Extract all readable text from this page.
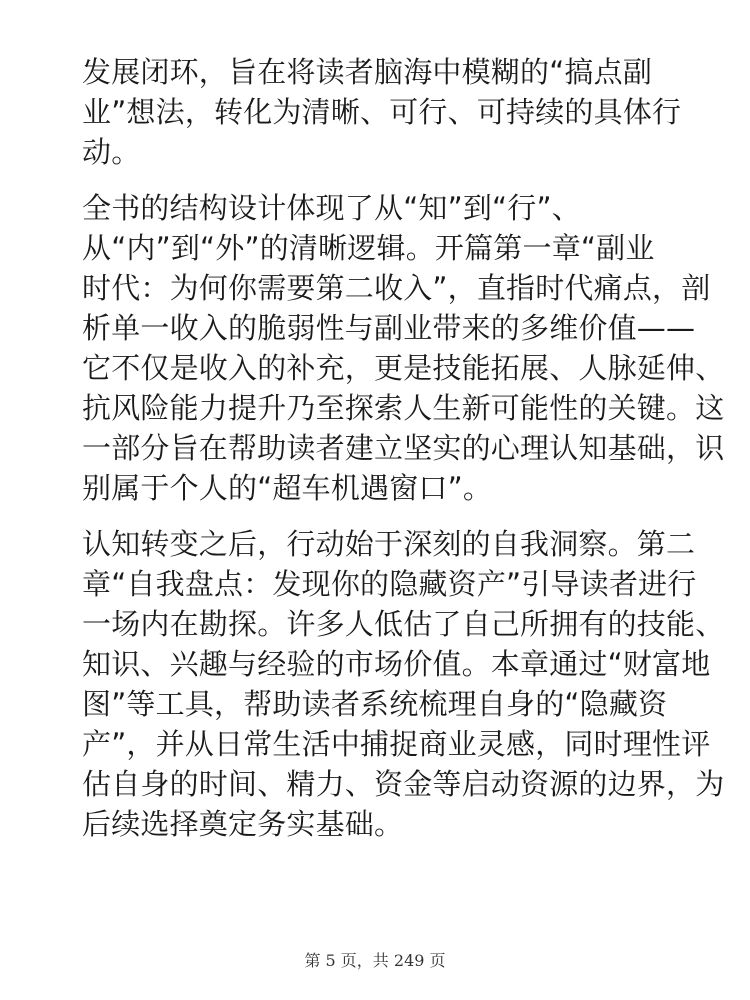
发展闭环，旨在将读者脑海中模糊的“搞点副
业”想法，转化为清晰、可行、可持续的具体行
动。
全书的结构设计体现了从“知”到“行”、
从“内”到“外”的清晰逻辑。开篇第一章“副业
时代：为何你需要第二收入”，直指时代痛点，剖
析单一收入的脆弱性与副业带来的多维价值——
它不仅是收入的补充，更是技能拓展、人脉延伸、
抗风险能力提升乃至探索人生新可能性的关键。这
一部分旨在帮助读者建立坚实的心理认知基础，识
别属于个人的“超车机遇窗口”。
认知转变之后，行动始于深刻的自我洞察。第二
章“自我盘点：发现你的隐藏资产”引导读者进行
一场内在勘探。许多人低估了自己所拥有的技能、
知识、兴趣与经验的市场价值。本章通过“财富地
图”等工具，帮助读者系统梳理自身的“隐藏资
产”，并从日常生活中捕捉商业灵感，同时理性评
估自身的时间、精力、资金等启动资源的边界，为
后续选择奠定务实基础。
第 5 页，共 249 页
